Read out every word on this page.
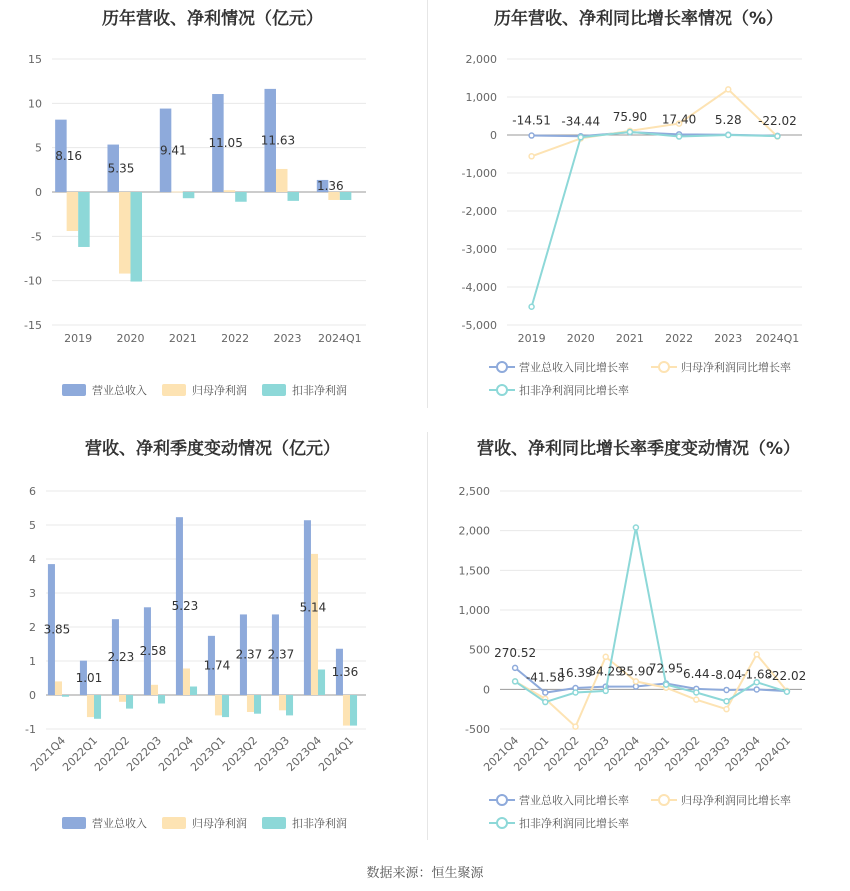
历年营收、净利情况（亿元）
15
10
5
0
-5
-10
-15
2019 2020 2021 2022 2023 2024Q1
8.16
5.35
9.41
11.05 11.63
1.36
营业总收入	归母净利润	扣非净利润
历年营收、净利同比增长率情况（%）
2,000
1,000
0
-1,000
-2,000
-3,000
-4,000
-5,000
2019 2020 2021 2022 2023 2024Q1
-14.51 -34.44 75.90 17.40 5.28 -22.02
营业总收入同比增长率	归母净利润同比增长率
扣非净利润同比增长率
营收、净利季度变动情况（亿元）
6
5
4
3
2
1
0
-1
2021Q4
2022Q1
2022Q2
2022Q3
2022Q4
2023Q1
2023Q2
2023Q3
2023Q4
2024Q1
3.85
1.01
2.23 2.58
5.23
1.74
2.37 2.37
5.14
1.36
营业总收入	归母净利润	扣非净利润
营收、净利同比增长率季度变动情况（%）
2,500
2,000
1,500
1,000
500
0
-500
2021Q4
2022Q1
2022Q2
2022Q3
2022Q4
2023Q1
2023Q2
2023Q3
2023Q4
2024Q1
270.52
-41.58
16.39
34.29
35.90
72.95 6.44 -8.04 -1.68
-22.02
营业总收入同比增长率	归母净利润同比增长率
扣非净利润同比增长率
数据来源：恒生聚源
